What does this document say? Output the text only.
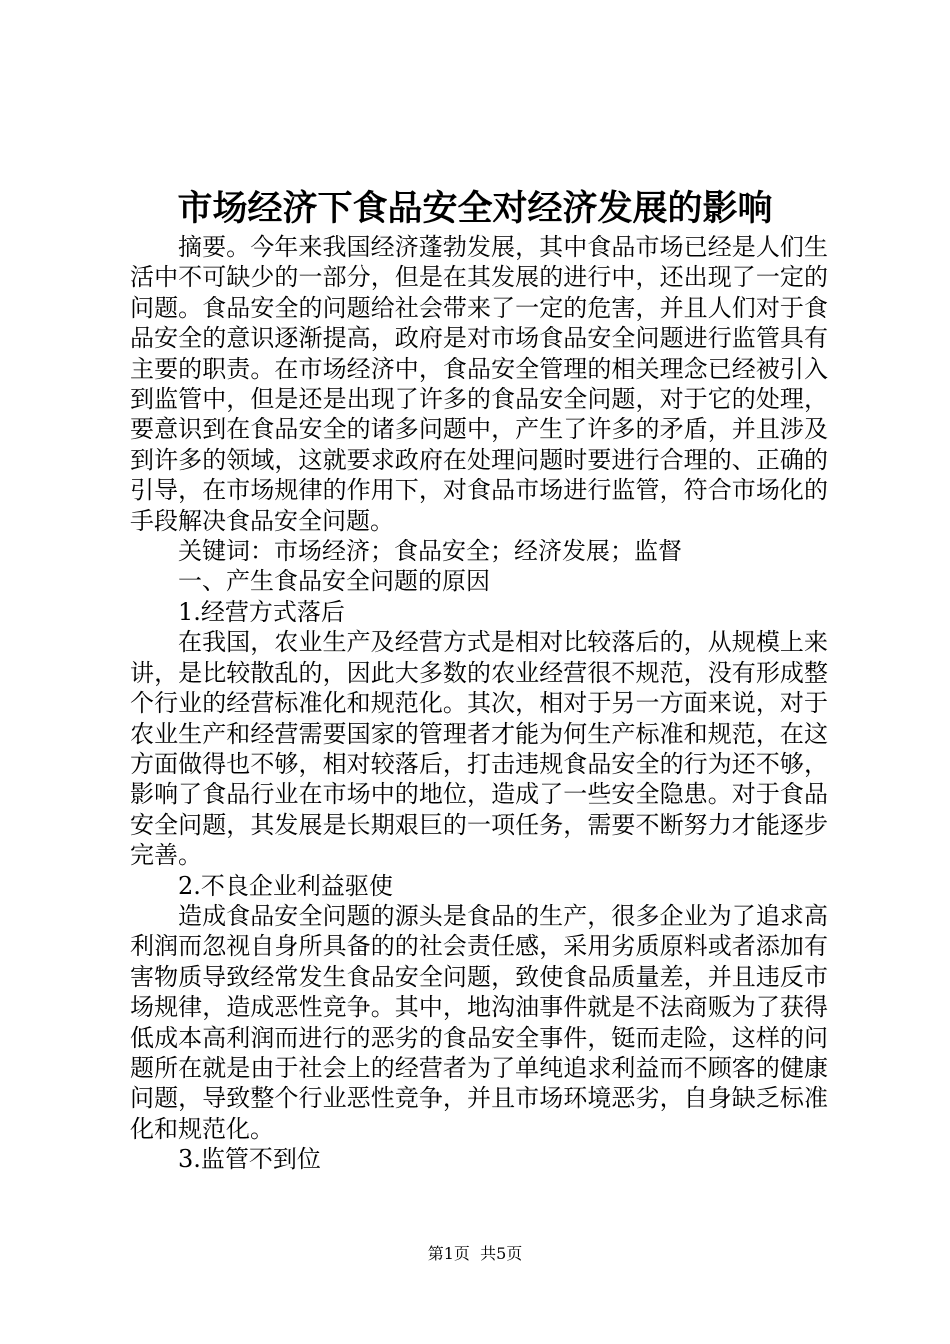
市场经济下食品安全对经济发展的影响

摘要。今年来我国经济蓬勃发展，其中食品市场已经是人们生活中不可缺少的一部分，但是在其发展的进行中，还出现了一定的问题。食品安全的问题给社会带来了一定的危害，并且人们对于食品安全的意识逐渐提高，政府是对市场食品安全问题进行监管具有主要的职责。在市场经济中，食品安全管理的相关理念已经被引入到监管中，但是还是出现了许多的食品安全问题，对于它的处理，要意识到在食品安全的诸多问题中，产生了许多的矛盾，并且涉及到许多的领域，这就要求政府在处理问题时要进行合理的、正确的引导，在市场规律的作用下，对食品市场进行监管，符合市场化的手段解决食品安全问题。

关键词：市场经济；食品安全；经济发展；监督

一、产生食品安全问题的原因

1.经营方式落后

在我国，农业生产及经营方式是相对比较落后的，从规模上来讲，是比较散乱的，因此大多数的农业经营很不规范，没有形成整个行业的经营标准化和规范化。其次，相对于另一方面来说，对于农业生产和经营需要国家的管理者才能为何生产标准和规范，在这方面做得也不够，相对较落后，打击违规食品安全的行为还不够，影响了食品行业在市场中的地位，造成了一些安全隐患。对于食品安全问题，其发展是长期艰巨的一项任务，需要不断努力才能逐步完善。

2.不良企业利益驱使

造成食品安全问题的源头是食品的生产，很多企业为了追求高利润而忽视自身所具备的的社会责任感，采用劣质原料或者添加有害物质导致经常发生食品安全问题，致使食品质量差，并且违反市场规律，造成恶性竞争。其中，地沟油事件就是不法商贩为了获得低成本高利润而进行的恶劣的食品安全事件，铤而走险，这样的问题所在就是由于社会上的经营者为了单纯追求利益而不顾客的健康问题，导致整个行业恶性竞争，并且市场环境恶劣，自身缺乏标准化和规范化。

3.监管不到位

第1页 共5页
